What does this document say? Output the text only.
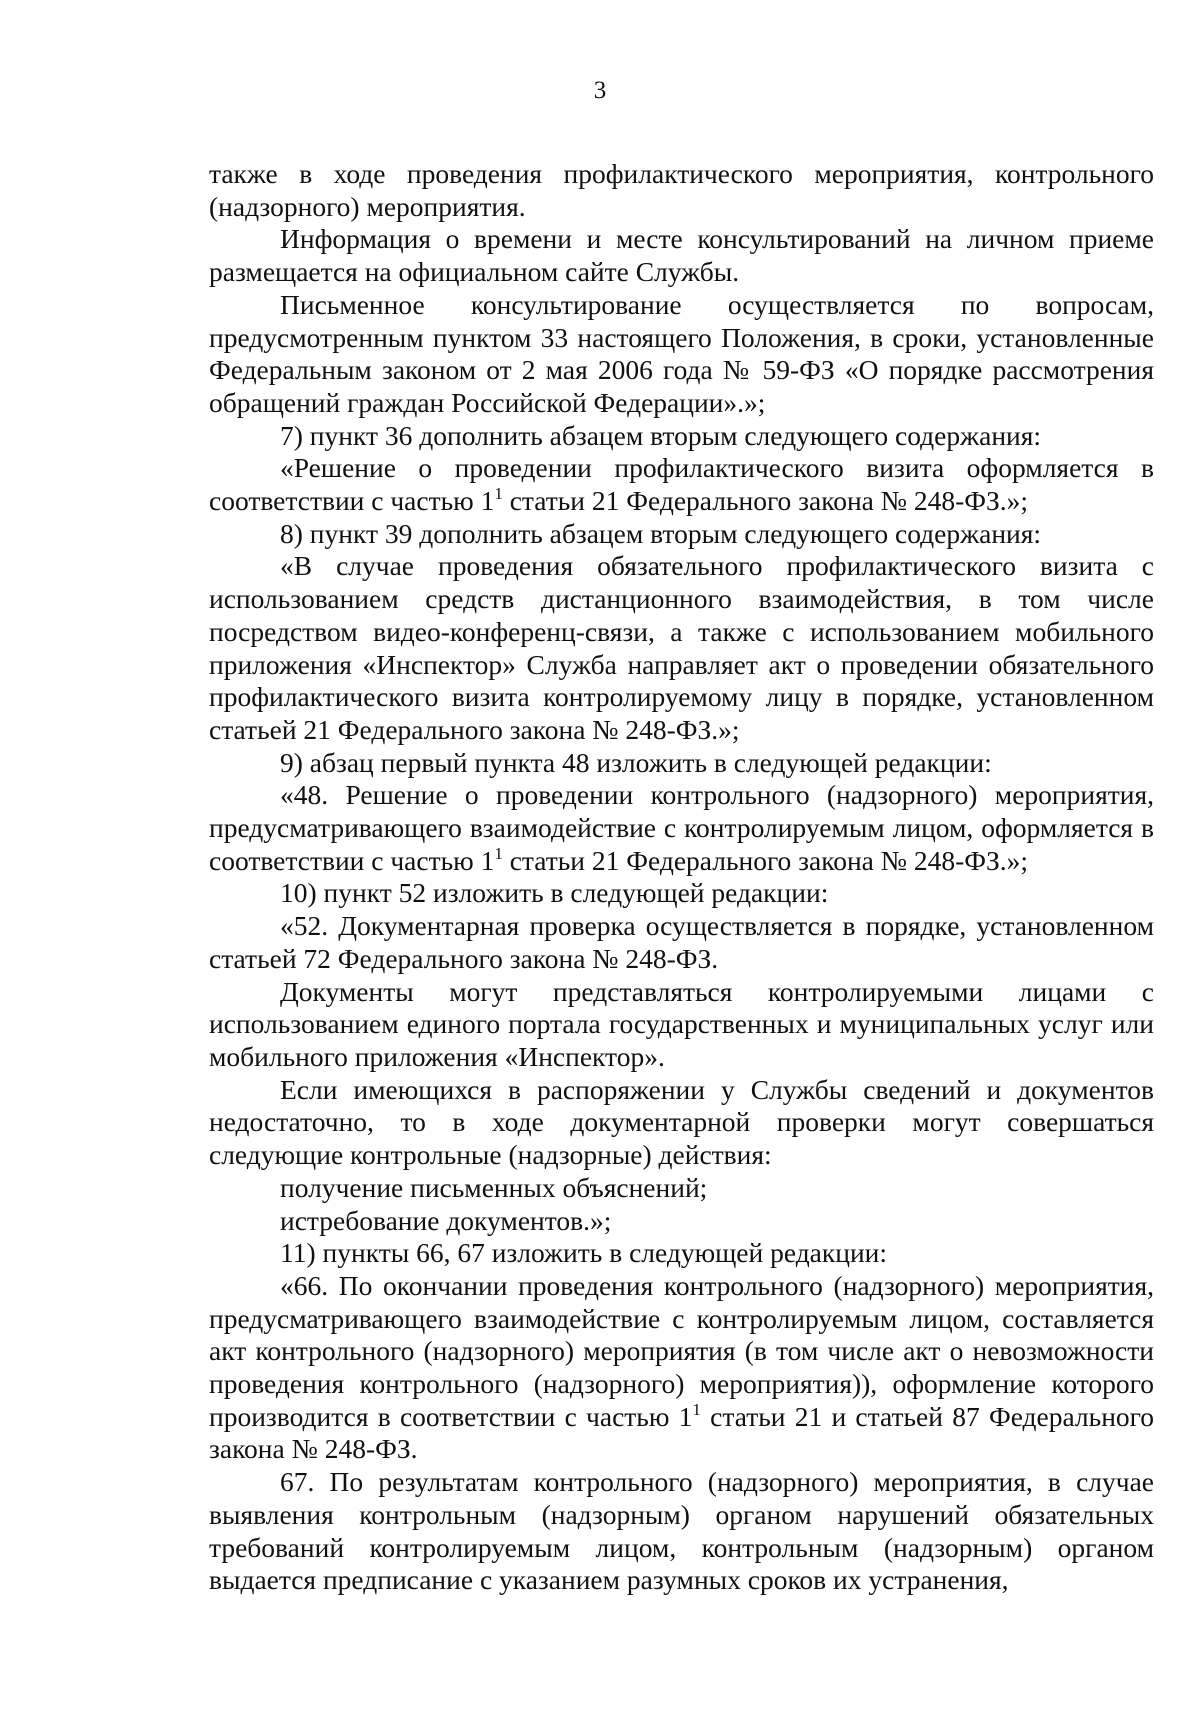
3

также в ходе проведения профилактического мероприятия, контрольного (надзорного) мероприятия.

Информация о времени и месте консультирований на личном приеме размещается на официальном сайте Службы.

Письменное консультирование осуществляется по вопросам, предусмотренным пунктом 33 настоящего Положения, в сроки, установленные Федеральным законом от 2 мая 2006 года № 59-ФЗ «О порядке рассмотрения обращений граждан Российской Федерации».»;

7) пункт 36 дополнить абзацем вторым следующего содержания:

«Решение о проведении профилактического визита оформляется в соответствии с частью $1^1$ статьи 21 Федерального закона № 248-ФЗ.»;

8) пункт 39 дополнить абзацем вторым следующего содержания:

«В случае проведения обязательного профилактического визита с использованием средств дистанционного взаимодействия, в том числе посредством видео-конференц-связи, а также с использованием мобильного приложения «Инспектор» Служба направляет акт о проведении обязательного профилактического визита контролируемому лицу в порядке, установленном статьей 21 Федерального закона № 248-ФЗ.»;

9) абзац первый пункта 48 изложить в следующей редакции:

«48. Решение о проведении контрольного (надзорного) мероприятия, предусматривающего взаимодействие с контролируемым лицом, оформляется в соответствии с частью $1^1$ статьи 21 Федерального закона № 248-ФЗ.»;

10) пункт 52 изложить в следующей редакции:

«52. Документарная проверка осуществляется в порядке, установленном статьей 72 Федерального закона № 248-ФЗ.

Документы могут представляться контролируемыми лицами с использованием единого портала государственных и муниципальных услуг или мобильного приложения «Инспектор».

Если имеющихся в распоряжении у Службы сведений и документов недостаточно, то в ходе документарной проверки могут совершаться следующие контрольные (надзорные) действия:

получение письменных объяснений;

истребование документов.»;

11) пункты 66, 67 изложить в следующей редакции:

«66. По окончании проведения контрольного (надзорного) мероприятия, предусматривающего взаимодействие с контролируемым лицом, составляется акт контрольного (надзорного) мероприятия (в том числе акт о невозможности проведения контрольного (надзорного) мероприятия)), оформление которого производится в соответствии с частью $1^1$ статьи 21 и статьей 87 Федерального закона № 248-ФЗ.

67. По результатам контрольного (надзорного) мероприятия, в случае выявления контрольным (надзорным) органом нарушений обязательных требований контролируемым лицом, контрольным (надзорным) органом выдается предписание с указанием разумных сроков их устранения,
